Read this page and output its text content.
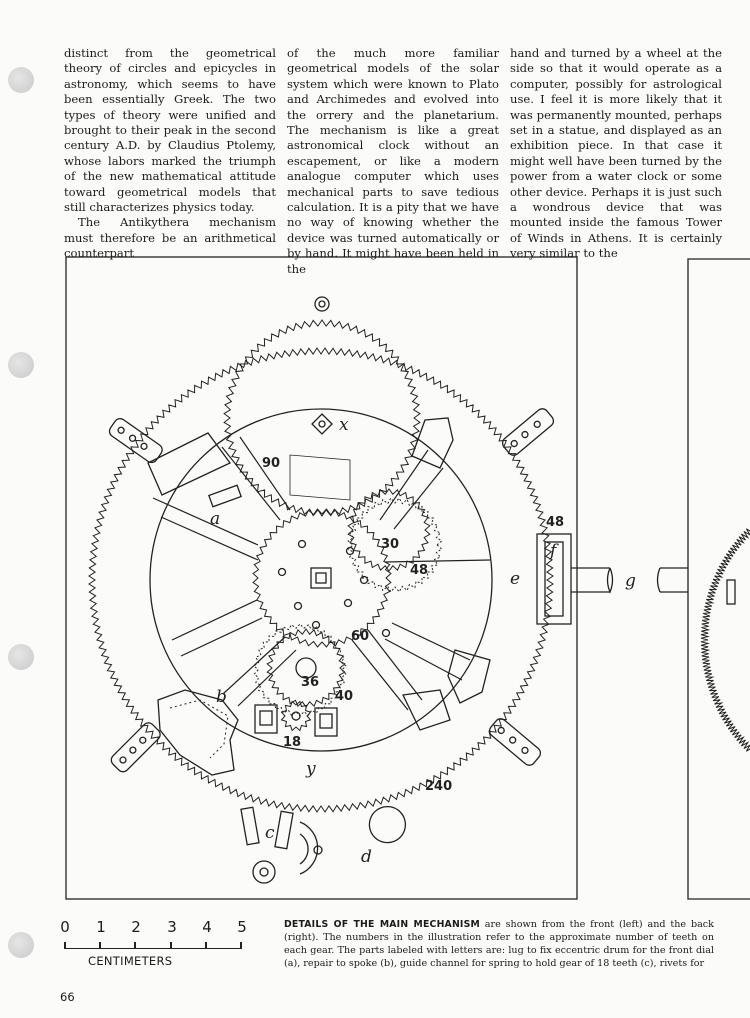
distinct from the geometrical theory of circles and epicycles in astronomy, which seems to have been essentially Greek. The two types of theory were unified and brought to their peak in the second century A.D. by Claudius Ptolemy, whose labors marked the triumph of the new mathematical attitude toward geometrical models that still characterizes physics today.

The Antikythera mechanism must therefore be an arithmetical counterpart

of the much more familiar geometrical models of the solar system which were known to Plato and Archimedes and evolved into the orrery and the planetarium. The mechanism is like a great astronomical clock without an escapement, or like a modern analogue computer which uses mechanical parts to save tedious calculation. It is a pity that we have no way of knowing whether the device was turned automatically or by hand. It might have been held in the

hand and turned by a wheel at the side so that it would operate as a computer, possibly for astrological use. I feel it is more likely that it was permanently mounted, perhaps set in a statue, and displayed as an exhibition piece. In that case it might well have been turned by the power from a water clock or some other device. Perhaps it is just such a wondrous device that was mounted inside the famous Tower of Winds in Athens. It is certainly very similar to the

x
a
b
c
d
e
f
g
y
90
30
48
48
60
36
40
18
240
0 1 2 3 4 5
CENTIMETERS
DETAILS OF THE MAIN MECHANISM are shown from the front (left) and the back (right). The numbers in the illustration refer to the approximate number of teeth on each gear. The parts labeled with letters are: lug to fix eccentric drum for the front dial (a), repair to spoke (b), guide channel for spring to hold gear of 18 teeth (c), rivets for
66
